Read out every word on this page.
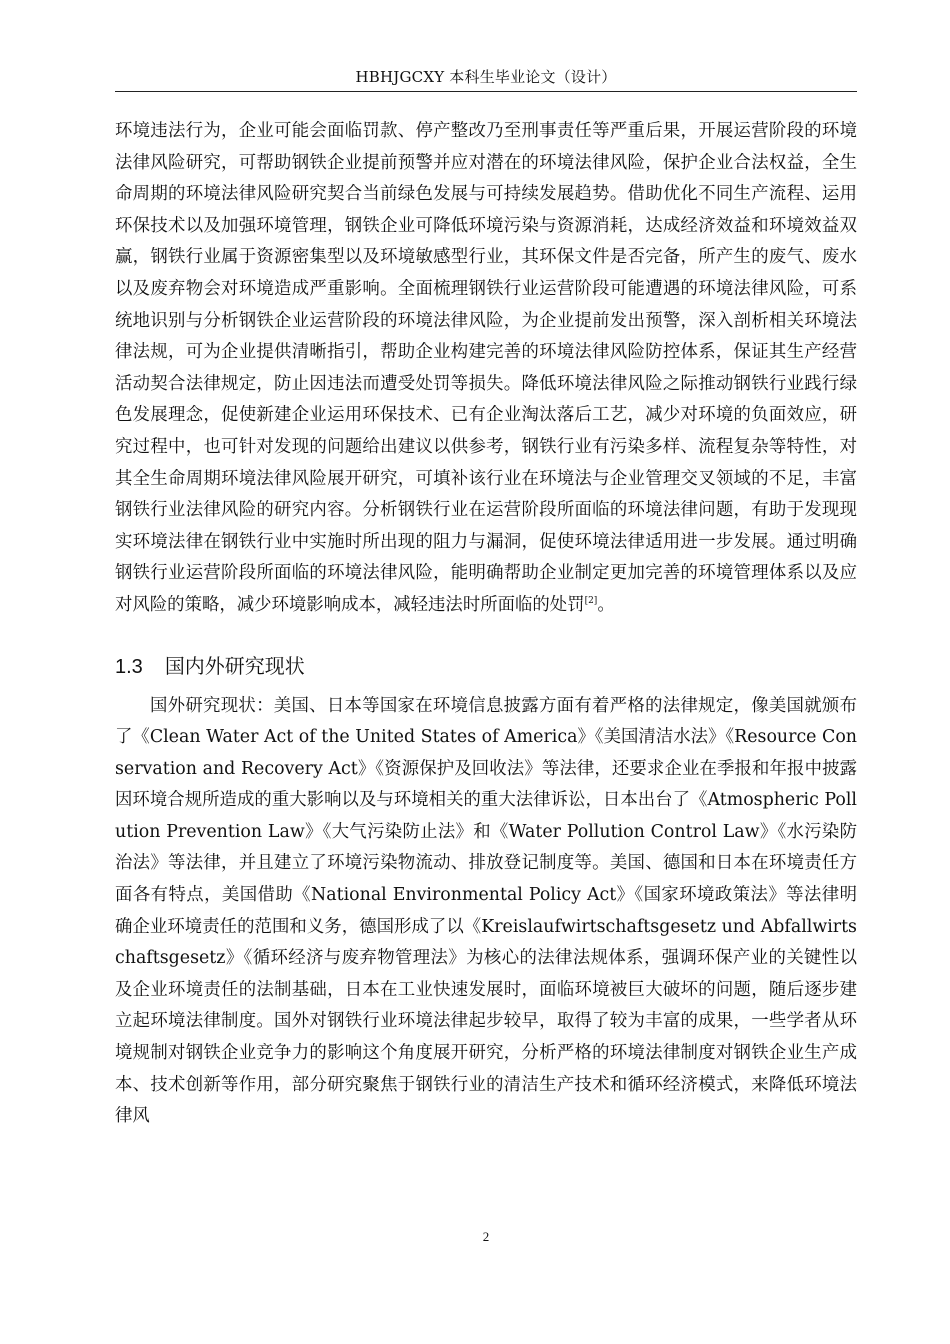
HBHJGCXY 本科生毕业论文（设计）

环境违法行为，企业可能会面临罚款、停产整改乃至刑事责任等严重后果，开展运营阶段的环境法律风险研究，可帮助钢铁企业提前预警并应对潜在的环境法律风险，保护企业合法权益，全生命周期的环境法律风险研究契合当前绿色发展与可持续发展趋势。借助优化不同生产流程、运用环保技术以及加强环境管理，钢铁企业可降低环境污染与资源消耗，达成经济效益和环境效益双赢，钢铁行业属于资源密集型以及环境敏感型行业，其环保文件是否完备，所产生的废气、废水以及废弃物会对环境造成严重影响。全面梳理钢铁行业运营阶段可能遭遇的环境法律风险，可系统地识别与分析钢铁企业运营阶段的环境法律风险，为企业提前发出预警，深入剖析相关环境法律法规，可为企业提供清晰指引，帮助企业构建完善的环境法律风险防控体系，保证其生产经营活动契合法律规定，防止因违法而遭受处罚等损失。降低环境法律风险之际推动钢铁行业践行绿色发展理念，促使新建企业运用环保技术、已有企业淘汰落后工艺，减少对环境的负面效应，研究过程中，也可针对发现的问题给出建议以供参考，钢铁行业有污染多样、流程复杂等特性，对其全生命周期环境法律风险展开研究，可填补该行业在环境法与企业管理交叉领域的不足，丰富钢铁行业法律风险的研究内容。分析钢铁行业在运营阶段所面临的环境法律问题，有助于发现现实环境法律在钢铁行业中实施时所出现的阻力与漏洞，促使环境法律适用进一步发展。通过明确钢铁行业运营阶段所面临的环境法律风险，能明确帮助企业制定更加完善的环境管理体系以及应对风险的策略，减少环境影响成本，减轻违法时所面临的处罚[2]。

1.3 国内外研究现状

国外研究现状：美国、日本等国家在环境信息披露方面有着严格的法律规定，像美国就颁布了《Clean Water Act of the United States of America》《美国清洁水法》《Resource Conservation and Recovery Act》《资源保护及回收法》等法律，还要求企业在季报和年报中披露因环境合规所造成的重大影响以及与环境相关的重大法律诉讼，日本出台了《Atmospheric Pollution Prevention Law》《大气污染防止法》和《Water Pollution Control Law》《水污染防治法》等法律，并且建立了环境污染物流动、排放登记制度等。美国、德国和日本在环境责任方面各有特点，美国借助《National Environmental Policy Act》《国家环境政策法》等法律明确企业环境责任的范围和义务，德国形成了以《Kreislaufwirtschaftsgesetz und Abfallwirtschaftsgesetz》《循环经济与废弃物管理法》为核心的法律法规体系，强调环保产业的关键性以及企业环境责任的法制基础，日本在工业快速发展时，面临环境被巨大破坏的问题，随后逐步建立起环境法律制度。国外对钢铁行业环境法律起步较早，取得了较为丰富的成果，一些学者从环境规制对钢铁企业竞争力的影响这个角度展开研究，分析严格的环境法律制度对钢铁企业生产成本、技术创新等作用，部分研究聚焦于钢铁行业的清洁生产技术和循环经济模式，来降低环境法律风

2
